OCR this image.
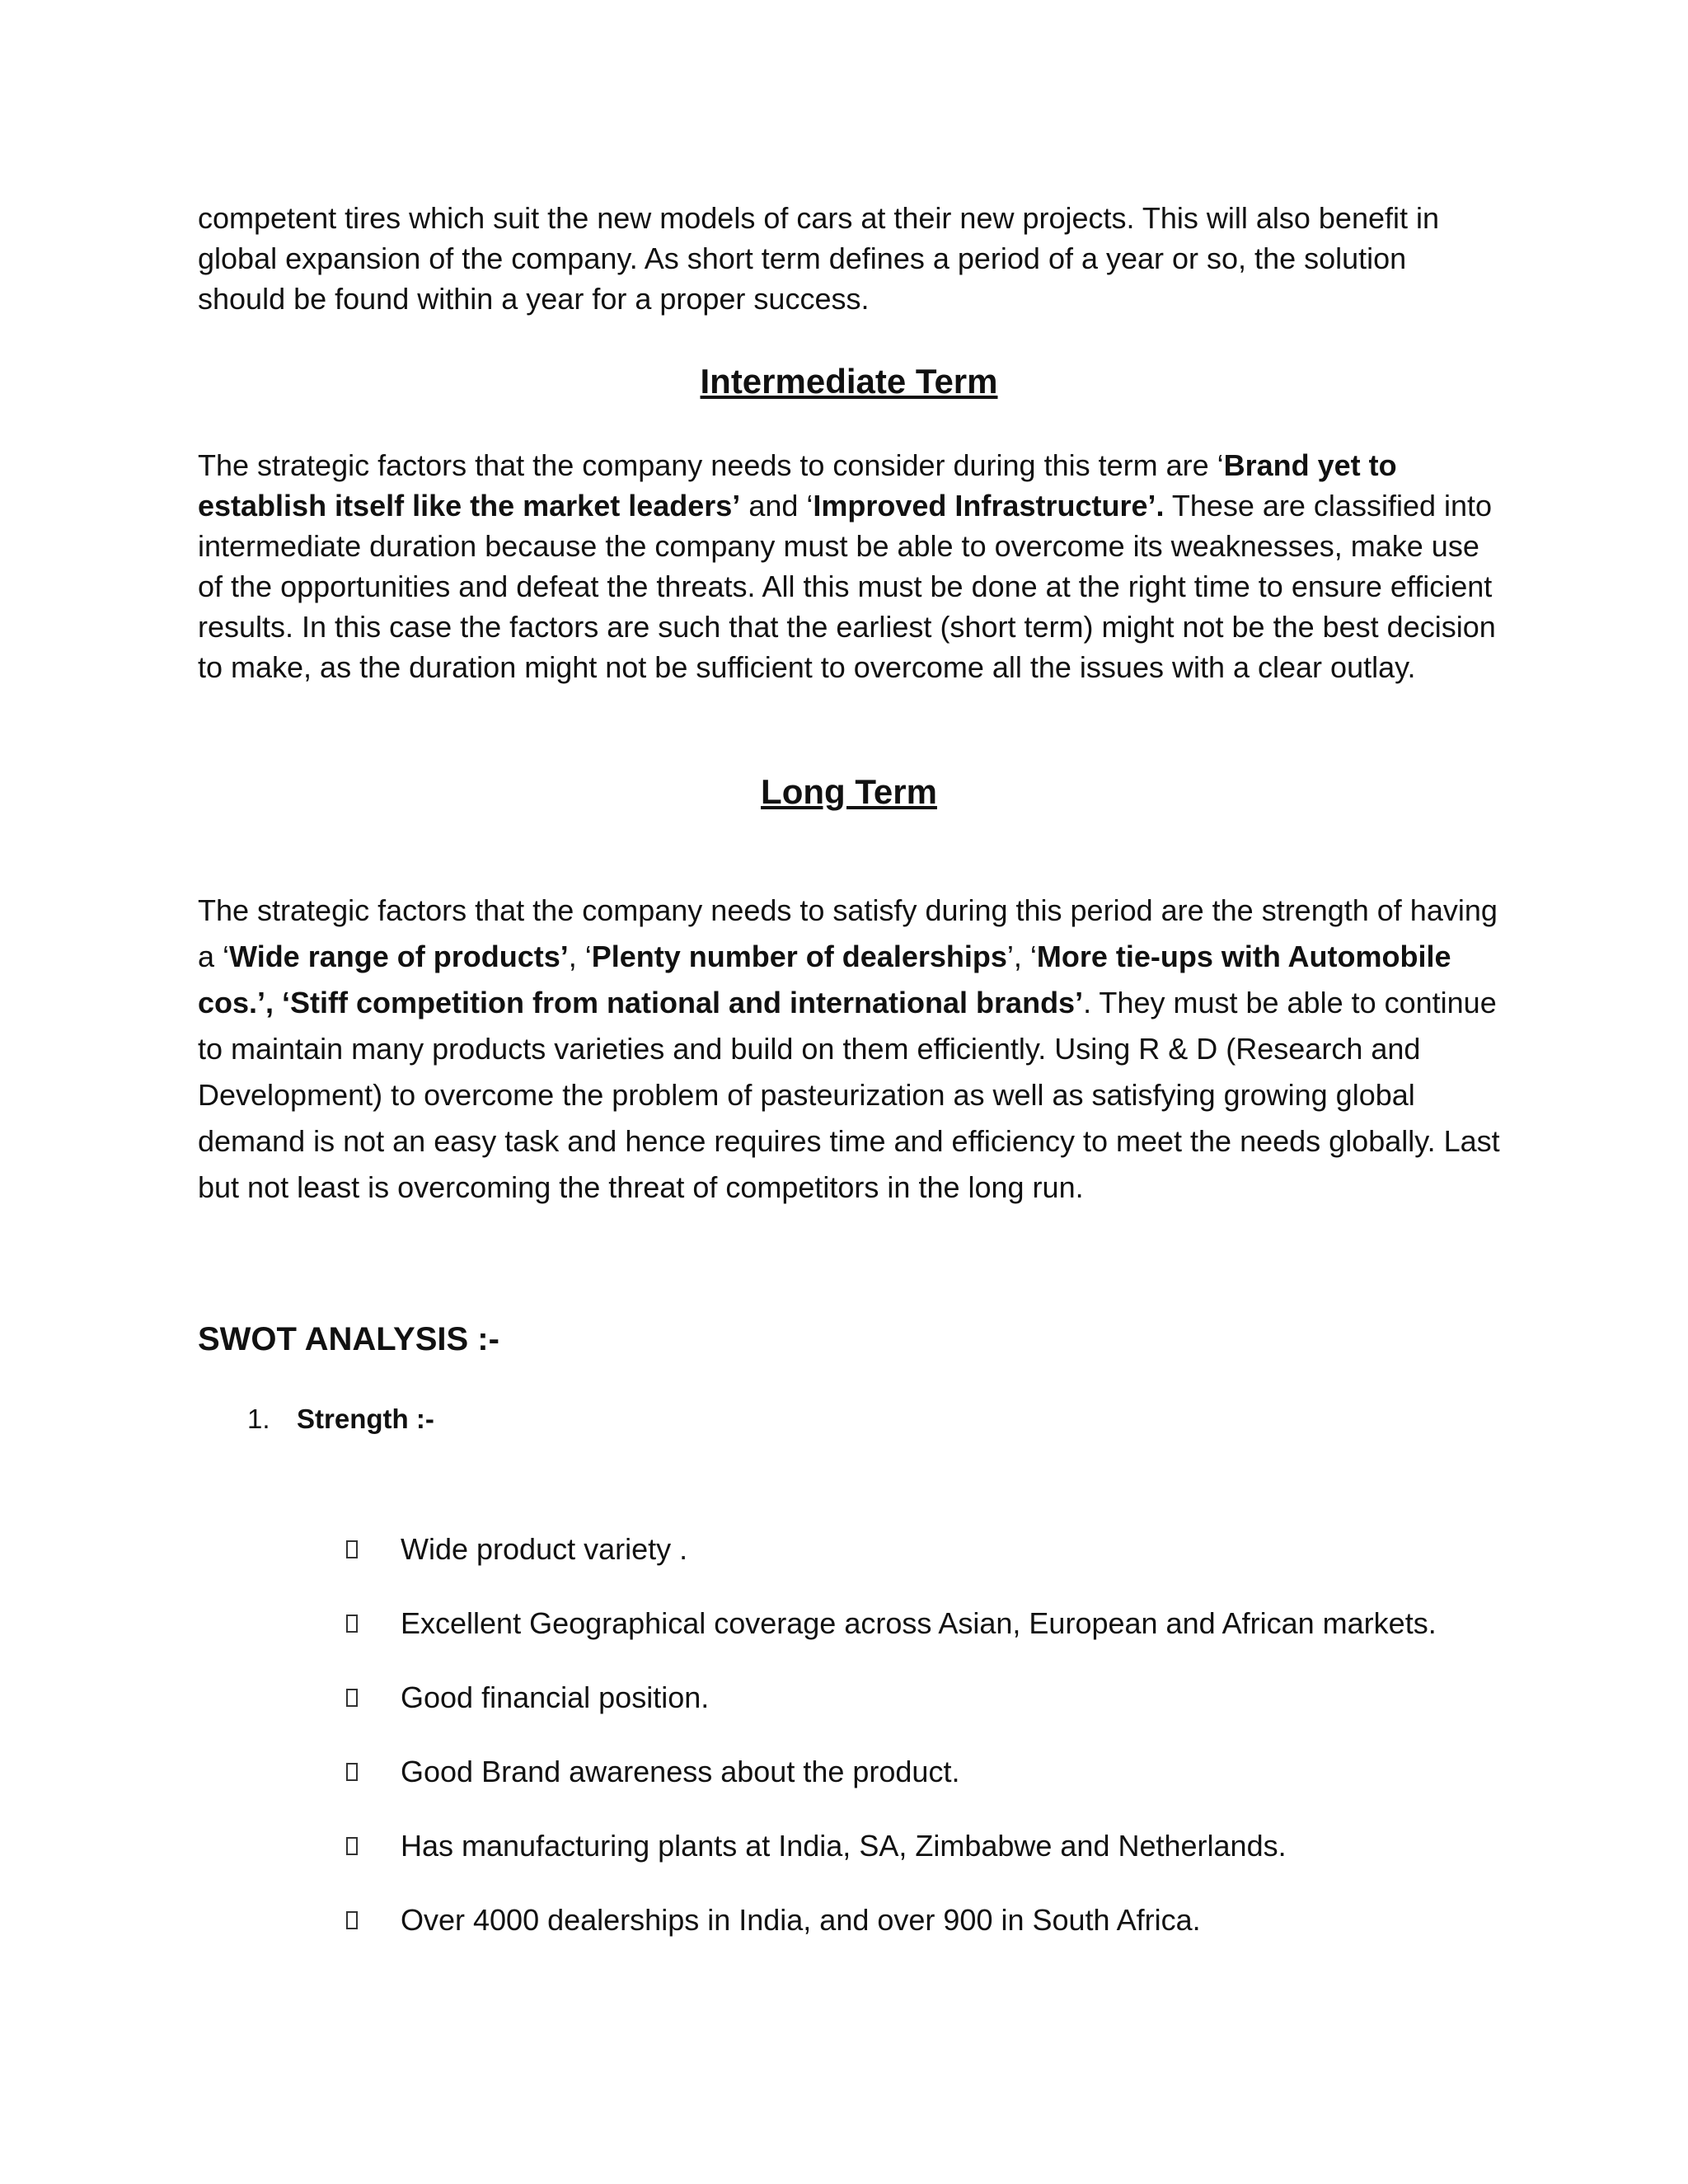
competent tires which suit the new models of cars at their new projects. This will also benefit in global expansion of the company. As short term defines a period of a year or so, the solution should be found within a year for a proper success.

Intermediate Term

The strategic factors that the company needs to consider during this term are ‘Brand yet to establish itself like the market leaders’ and ‘Improved Infrastructure’. These are classified into intermediate duration because the company must be able to overcome its weaknesses, make use of the opportunities and defeat the threats. All this must be done at the right time to ensure efficient results. In this case the factors are such that the earliest (short term) might not be the best decision to make, as the duration might not be sufficient to overcome all the issues with a clear outlay.

Long Term

The strategic factors that the company needs to satisfy during this period are the strength of having a ‘Wide range of products’, ‘Plenty number of dealerships’, ‘More tie-ups with Automobile cos.’, ‘Stiff competition from national and international brands’. They must be able to continue to maintain many products varieties and build on them efficiently. Using R & D (Research and Development) to overcome the problem of pasteurization as well as satisfying growing global demand is not an easy task and hence requires time and efficiency to meet the needs globally. Last but not least is overcoming the threat of competitors in the long run.

SWOT ANALYSIS :-
1. Strength :-
Wide product variety .
Excellent Geographical coverage across Asian, European and African markets.
Good financial position.
Good Brand awareness about the product.
Has manufacturing plants at India, SA, Zimbabwe and Netherlands.
Over 4000 dealerships in India, and over 900 in South Africa.
